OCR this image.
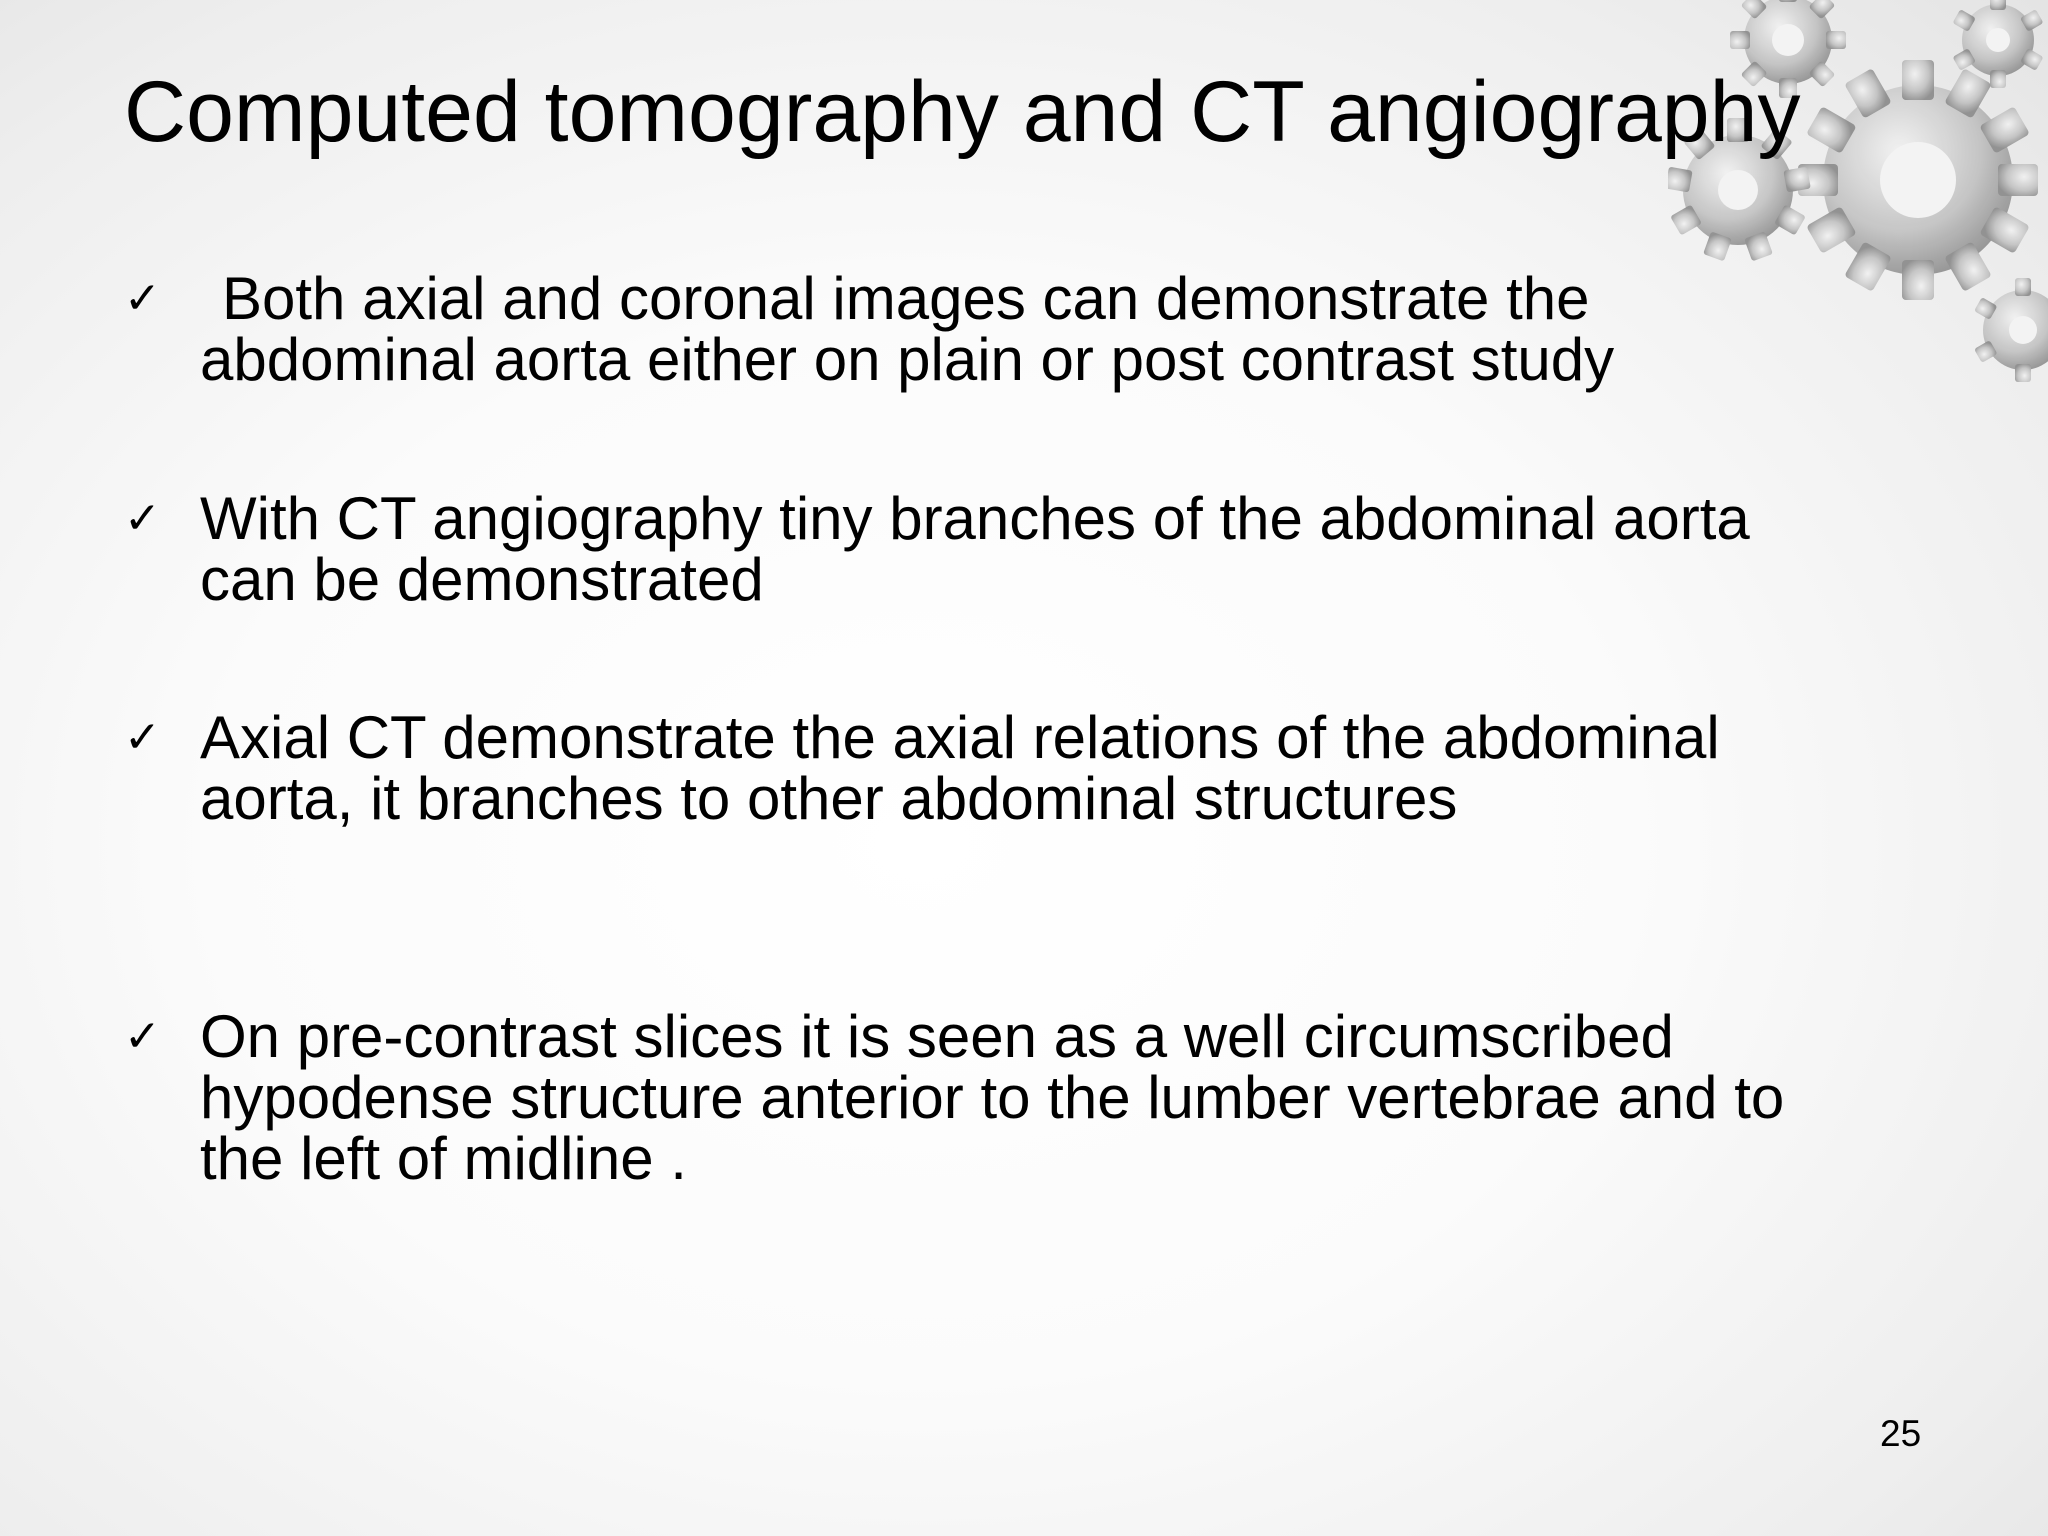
Computed tomography and CT angiography
✓	Both axial and coronal images can demonstrate the
abdominal aorta either on plain or post contrast study
✓ With CT angiography tiny branches of the abdominal aorta
can be demonstrated
✓ Axial CT demonstrate the axial relations of the abdominal
aorta, it branches to other abdominal structures
✓ On pre-contrast slices it is seen as a well circumscribed
hypodense structure anterior to the lumber vertebrae and to
the left of midline .
25
